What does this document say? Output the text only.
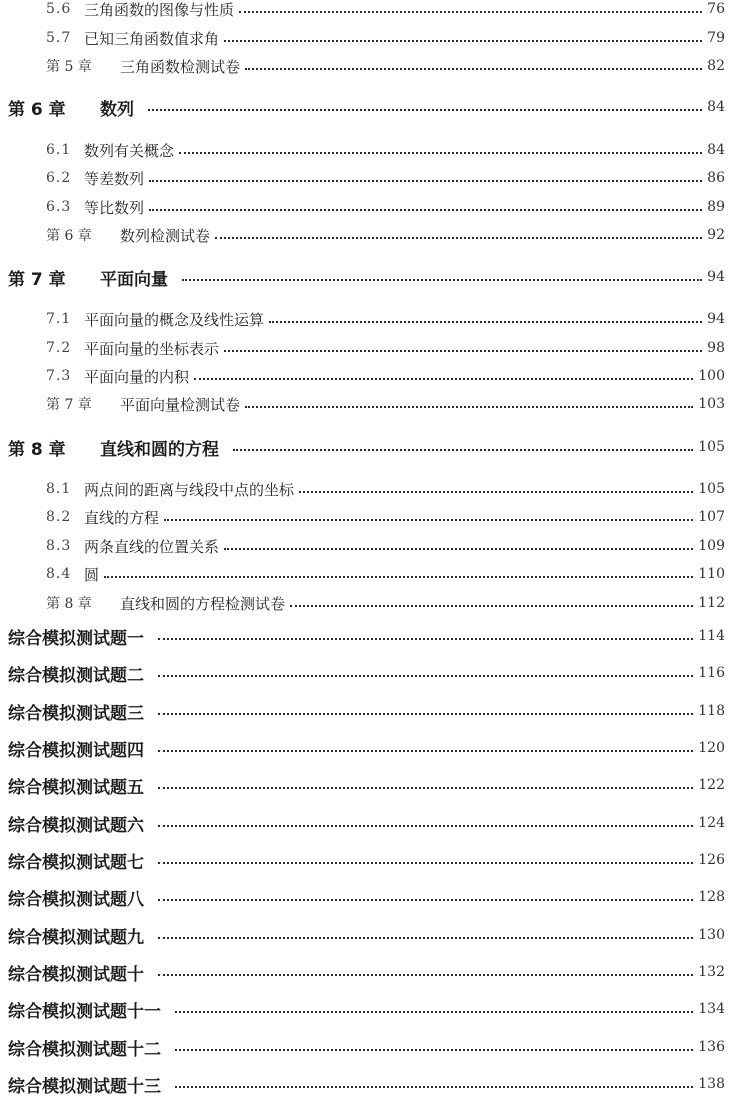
5.6 三角函数的图像与性质	76
5.7 已知三角函数值求角	79
第 5 章	三角函数检测试卷	82
第 6 章	数列	84
6.1 数列有关概念	84
6.2 等差数列	86
6.3 等比数列	89
第 6 章	数列检测试卷	92
第 7 章	平面向量	94
7.1 平面向量的概念及线性运算	94
7.2 平面向量的坐标表示	98
7.3 平面向量的内积	100
第 7 章	平面向量检测试卷	103
第 8 章	直线和圆的方程	105
8.1 两点间的距离与线段中点的坐标	105
8.2 直线的方程	107
8.3 两条直线的位置关系	109
8.4 圆	110
第 8 章	直线和圆的方程检测试卷	112
综合模拟测试题一	114
综合模拟测试题二	116
综合模拟测试题三	118
综合模拟测试题四	120
综合模拟测试题五	122
综合模拟测试题六	124
综合模拟测试题七	126
综合模拟测试题八	128
综合模拟测试题九	130
综合模拟测试题十	132
综合模拟测试题十一	134
综合模拟测试题十二	136
综合模拟测试题十三	138
